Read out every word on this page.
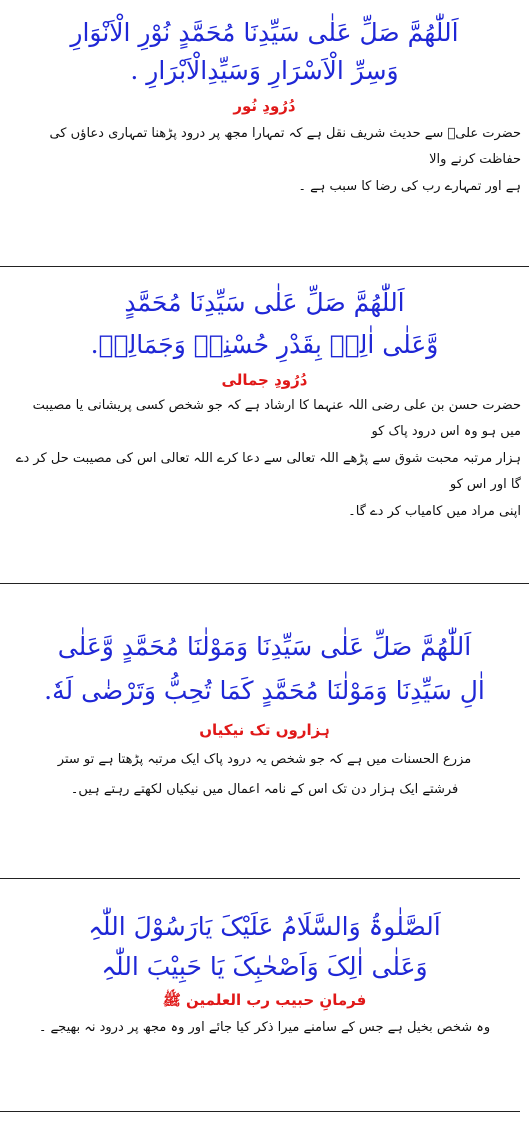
اَللّٰھُمَّ صَلِّ عَلٰی سَیِّدِنَا مُحَمَّدٍ نُوْرِ الْاَنْوَارِ

وَسِرِّ الْاَسْرَارِ وَسَیِّدِالْاَبْرَارِ .

دُرُودِ نُور

حضرت علیؓ سے حدیث شریف نقل ہے کہ تمہارا مجھ پر درود پڑھنا تمہاری دعاؤں کی حفاظت کرنے والا

ہے اور تمہارے رب کی رضا کا سبب ہے ۔

اَللّٰھُمَّ صَلِّ عَلٰی سَیِّدِنَا مُحَمَّدٍ

وَّعَلٰی اٰلِهٖ بِقَدْرِ حُسْنِهٖ وَجَمَالِهٖ.

دُرُودِ جمالی

حضرت حسن بن علی رضی اللہ عنہما کا ارشاد ہے کہ جو شخص کسی پریشانی یا مصیبت میں ہو وہ اس درود پاک کو

ہزار مرتبہ محبت شوق سے پڑھے اللہ تعالی سے دعا کرے اللہ تعالی اس کی مصیبت حل کر دے گا اور اس کو

اپنی مراد میں کامیاب کر دے گا۔

اَللّٰھُمَّ صَلِّ عَلٰی سَیِّدِنَا وَمَوْلٰنَا مُحَمَّدٍ وَّعَلٰی

اٰلِ سَیِّدِنَا وَمَوْلٰنَا مُحَمَّدٍ كَمَا تُحِبُّ وَتَرْضٰی لَهٗ.

ہزاروں تک نیکیاں

مزرع الحسنات میں ہے کہ جو شخص یہ درود پاک ایک مرتبہ پڑھتا ہے تو ستر

فرشتے ایک ہزار دن تک اس کے نامہ اعمال میں نیکیاں لکھتے رہتے ہیں۔

اَلصَّلٰوۃُ وَالسَّلَامُ عَلَیْکَ یَارَسُوْلَ اللّٰہِ

وَعَلٰی اٰلِکَ وَاَصْحٰبِکَ یَا حَبِیْبَ اللّٰہِ

فرمانِ حبیب رب العلمین ﷺ

وہ شخص بخیل ہے جس کے سامنے میرا ذکر کیا جائے اور وہ مجھ پر درود نہ بھیجے ۔
